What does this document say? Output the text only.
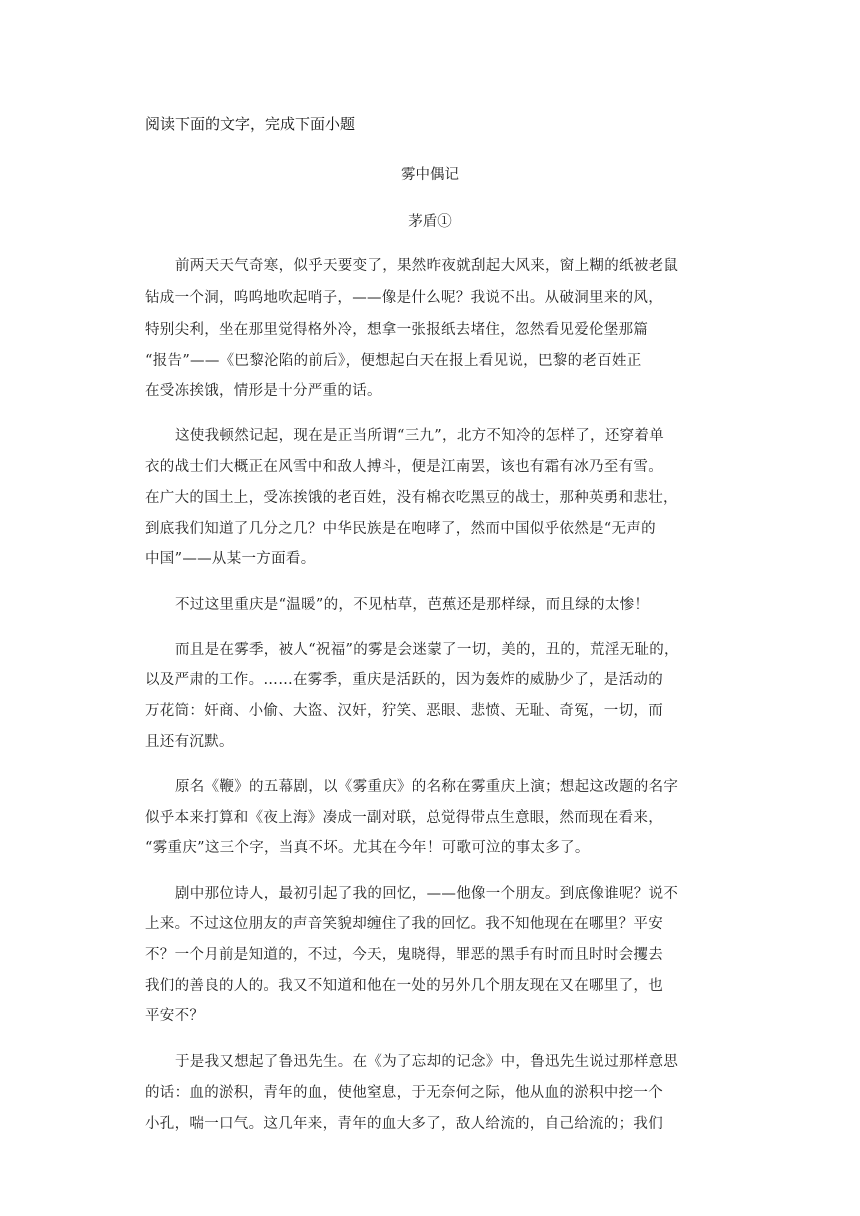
阅读下面的文字，完成下面小题
雾中偶记
茅盾①
前两天天气奇寒，似乎天要变了，果然昨夜就刮起大风来，窗上糊的纸被老鼠
钻成一个洞，呜呜地吹起哨子，——像是什么呢？我说不出。从破洞里来的风，
特别尖利，坐在那里觉得格外冷，想拿一张报纸去堵住，忽然看见爱伦堡那篇
“报告”——《巴黎沦陷的前后》，便想起白天在报上看见说，巴黎的老百姓正
在受冻挨饿，情形是十分严重的话。
这使我顿然记起，现在是正当所谓“三九”，北方不知冷的怎样了，还穿着单
衣的战士们大概正在风雪中和敌人搏斗，便是江南罢，该也有霜有冰乃至有雪。
在广大的国土上，受冻挨饿的老百姓，没有棉衣吃黑豆的战士，那种英勇和悲壮，
到底我们知道了几分之几？中华民族是在咆哮了，然而中国似乎依然是“无声的
中国”——从某一方面看。
不过这里重庆是“温暖”的，不见枯草，芭蕉还是那样绿，而且绿的太惨！
而且是在雾季，被人“祝福”的雾是会迷蒙了一切，美的，丑的，荒淫无耻的，
以及严肃的工作。……在雾季，重庆是活跃的，因为轰炸的威胁少了，是活动的
万花筒：奸商、小偷、大盗、汉奸，狞笑、恶眼、悲愤、无耻、奇冤，一切，而
且还有沉默。
原名《鞭》的五幕剧，以《雾重庆》的名称在雾重庆上演；想起这改题的名字
似乎本来打算和《夜上海》凑成一副对联，总觉得带点生意眼，然而现在看来，
“雾重庆”这三个字，当真不坏。尤其在今年！可歌可泣的事太多了。
剧中那位诗人，最初引起了我的回忆，——他像一个朋友。到底像谁呢？说不
上来。不过这位朋友的声音笑貌却缠住了我的回忆。我不知他现在在哪里？平安
不？一个月前是知道的，不过，今天，鬼晓得，罪恶的黑手有时而且时时会攫去
我们的善良的人的。我又不知道和他在一处的另外几个朋友现在又在哪里了，也
平安不？
于是我又想起了鲁迅先生。在《为了忘却的记念》中，鲁迅先生说过那样意思
的话：血的淤积，青年的血，使他窒息，于无奈何之际，他从血的淤积中挖一个
小孔，喘一口气。这几年来，青年的血大多了，敌人给流的，自己给流的；我们
